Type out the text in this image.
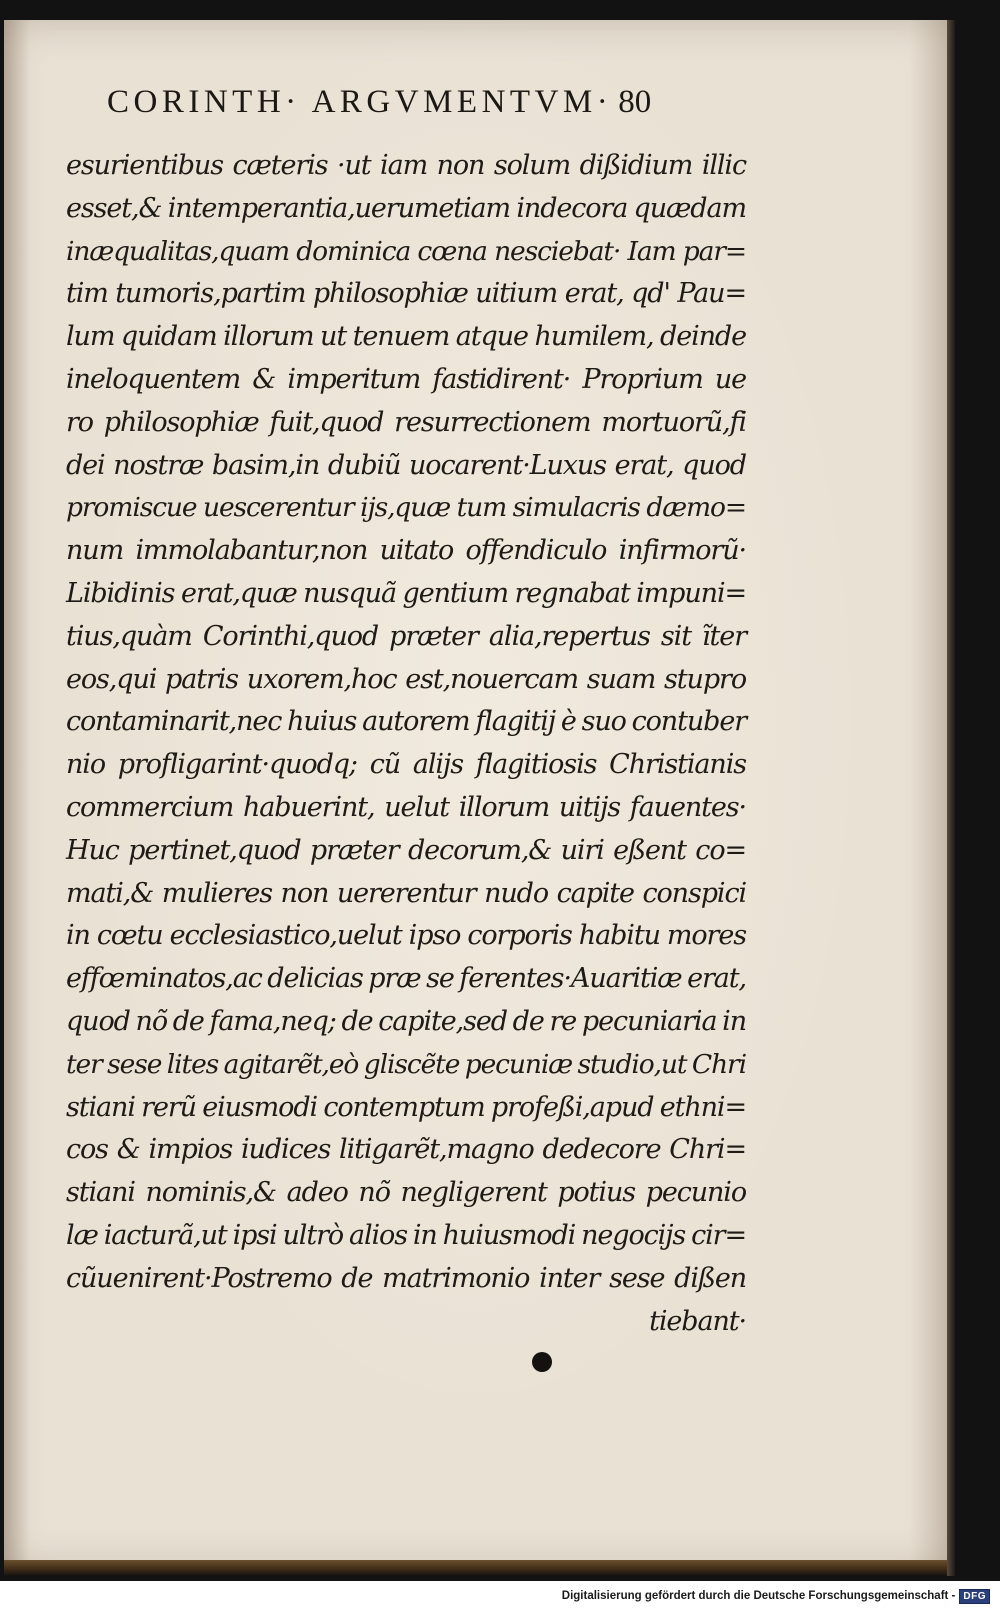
CORINTH· ARGVMENTVM· 80
esurientibus cæteris ·ut iam non solum dißidium illic
esset,& intemperantia,uerumetiam indecora quædam
inæqualitas,quam dominica cœna nesciebat· Iam par=
tim tumoris,partim philosophiæ uitium erat, qd' Pau=
lum quidam illorum ut tenuem atque humilem, deinde
ineloquentem & imperitum fastidirent· Proprium ue
ro philosophiæ fuit,quod resurrectionem mortuorũ,fi
dei nostræ basim,in dubiũ uocarent·Luxus erat, quod
promiscue uescerentur ijs,quæ tum simulacris dæmo=
num immolabantur,non uitato offendiculo infirmorũ·
Libidinis erat,quæ nusquã gentium regnabat impuni=
tius,quàm Corinthi,quod præter alia,repertus sit ĩter
eos,qui patris uxorem,hoc est,nouercam suam stupro
contaminarit,nec huius autorem flagitij è suo contuber
nio profligarint·quodq; cũ alijs flagitiosis Christianis
commercium habuerint, uelut illorum uitijs fauentes·
Huc pertinet,quod præter decorum,& uiri eßent co=
mati,& mulieres non uererentur nudo capite conspici
in cœtu ecclesiastico,uelut ipso corporis habitu mores
effœminatos,ac delicias præ se ferentes·Auaritiæ erat,
quod nõ de fama,neq; de capite,sed de re pecuniaria in
ter sese lites agitarẽt,eò gliscẽte pecuniæ studio,ut Chri
stiani rerũ eiusmodi contemptum profeßi,apud ethni=
cos & impios iudices litigarẽt,magno dedecore Chri=
stiani nominis,& adeo nõ negligerent potius pecunio
læ iacturã,ut ipsi ultrò alios in huiusmodi negocijs cir=
cũuenirent·Postremo de matrimonio inter sese dißen
tiebant·
Digitalisierung gefördert durch die Deutsche Forschungsgemeinschaft - DFG
